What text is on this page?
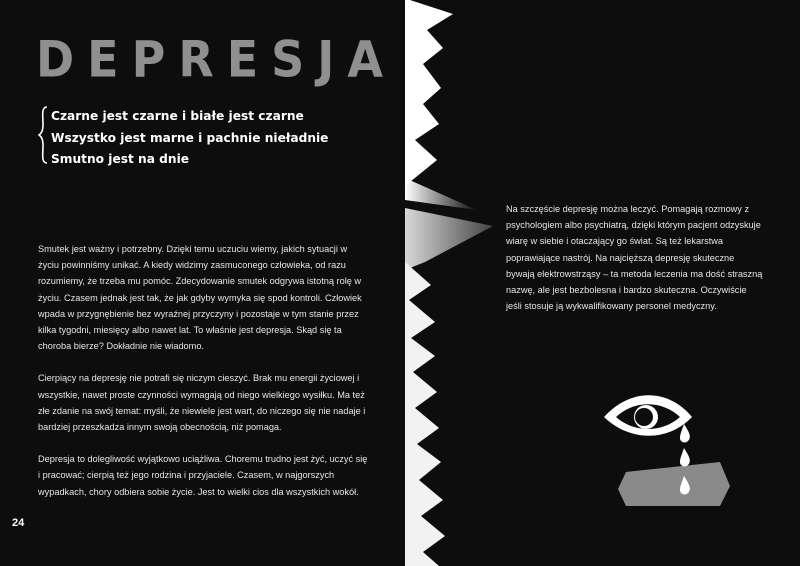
DEPRESJA
Czarne jest czarne i białe jest czarne
Wszystko jest marne i pachnie nieładnie
Smutno jest na dnie

Smutek jest ważny i potrzebny. Dzięki temu uczuciu wiemy, jakich sytuacji w życiu powinniśmy unikać. A kiedy widzimy zasmuconego człowieka, od razu rozumiemy, że trzeba mu pomóc. Zdecydowanie smutek odgrywa istotną rolę w życiu. Czasem jednak jest tak, że jak gdyby wymyka się spod kontroli. Człowiek wpada w przygnębienie bez wyraźnej przyczyny i pozostaje w tym stanie przez kilka tygodni, miesięcy albo nawet lat. To właśnie jest depresja. Skąd się ta choroba bierze? Dokładnie nie wiadomo.

Cierpiący na depresję nie potrafi się niczym cieszyć. Brak mu energii życiowej i wszystkie, nawet proste czynności wymagają od niego wielkiego wysiłku. Ma też złe zdanie na swój temat: myśli, że niewiele jest wart, do niczego się nie nadaje i bardziej przeszkadza innym swoją obecnością, niż pomaga.

Depresja to dolegliwość wyjątkowo uciążliwa. Choremu trudno jest żyć, uczyć się i pracować; cierpią też jego rodzina i przyjaciele. Czasem, w najgorszych wypadkach, chory odbiera sobie życie. Jest to wielki cios dla wszystkich wokół.

24

Na szczęście depresję można leczyć. Pomagają rozmowy z psychologiem albo psychiatrą, dzięki którym pacjent odzyskuje wiarę w siebie i otaczający go świat. Są też lekarstwa poprawiające nastrój. Na najcięższą depresję skuteczne bywają elektrowstrząsy – ta metoda leczenia ma dość straszną nazwę, ale jest bezbolesna i bardzo skuteczna. Oczywiście jeśli stosuje ją wykwalifikowany personel medyczny.
